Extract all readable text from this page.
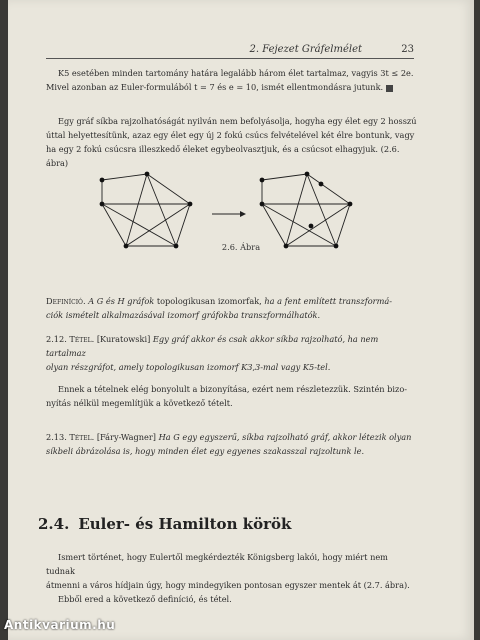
2. Fejezet Gráfelmélet	23

K5 esetében minden tartomány határa legalább három élet tartalmaz, vagyis 3t ≤ 2e.

Mivel azonban az Euler-formulából t = 7 és e = 10, ismét ellentmondásra jutunk.

Egy gráf síkba rajzolhatóságát nyilván nem befolyásolja, hogyha egy élet egy 2 hosszú

úttal helyettesítünk, azaz egy élet egy új 2 fokú csúcs felvételével két élre bontunk, vagy

ha egy 2 fokú csúcsra illeszkedő éleket egybeolvasztjuk, és a csúcsot elhagyjuk. (2.6. ábra)

2.6. Ábra

Definíció. A G és H gráfok topologikusan izomorfak, ha a fent említett transzformá-

ciók ismételt alkalmazásával izomorf gráfokba transzformálhatók.

2.12. Tétel. [Kuratowski] Egy gráf akkor és csak akkor síkba rajzolható, ha nem tartalmaz

olyan részgráfot, amely topologikusan izomorf K3,3-mal vagy K5-tel.

Ennek a tételnek elég bonyolult a bizonyítása, ezért nem részletezzük. Szintén bizo-

nyítás nélkül megemlítjük a következő tételt.

2.13. Tétel. [Fáry-Wagner] Ha G egy egyszerű, síkba rajzolható gráf, akkor létezik olyan

síkbeli ábrázolása is, hogy minden élet egy egyenes szakasszal rajzoltunk le.

2.4. Euler- és Hamilton körök

Ismert történet, hogy Eulertől megkérdezték Königsberg lakói, hogy miért nem tudnak

átmenni a város hídjain úgy, hogy mindegyiken pontosan egyszer mentek át (2.7. ábra).

Ebből ered a következő definíció, és tétel.

Antikvarium.hu
